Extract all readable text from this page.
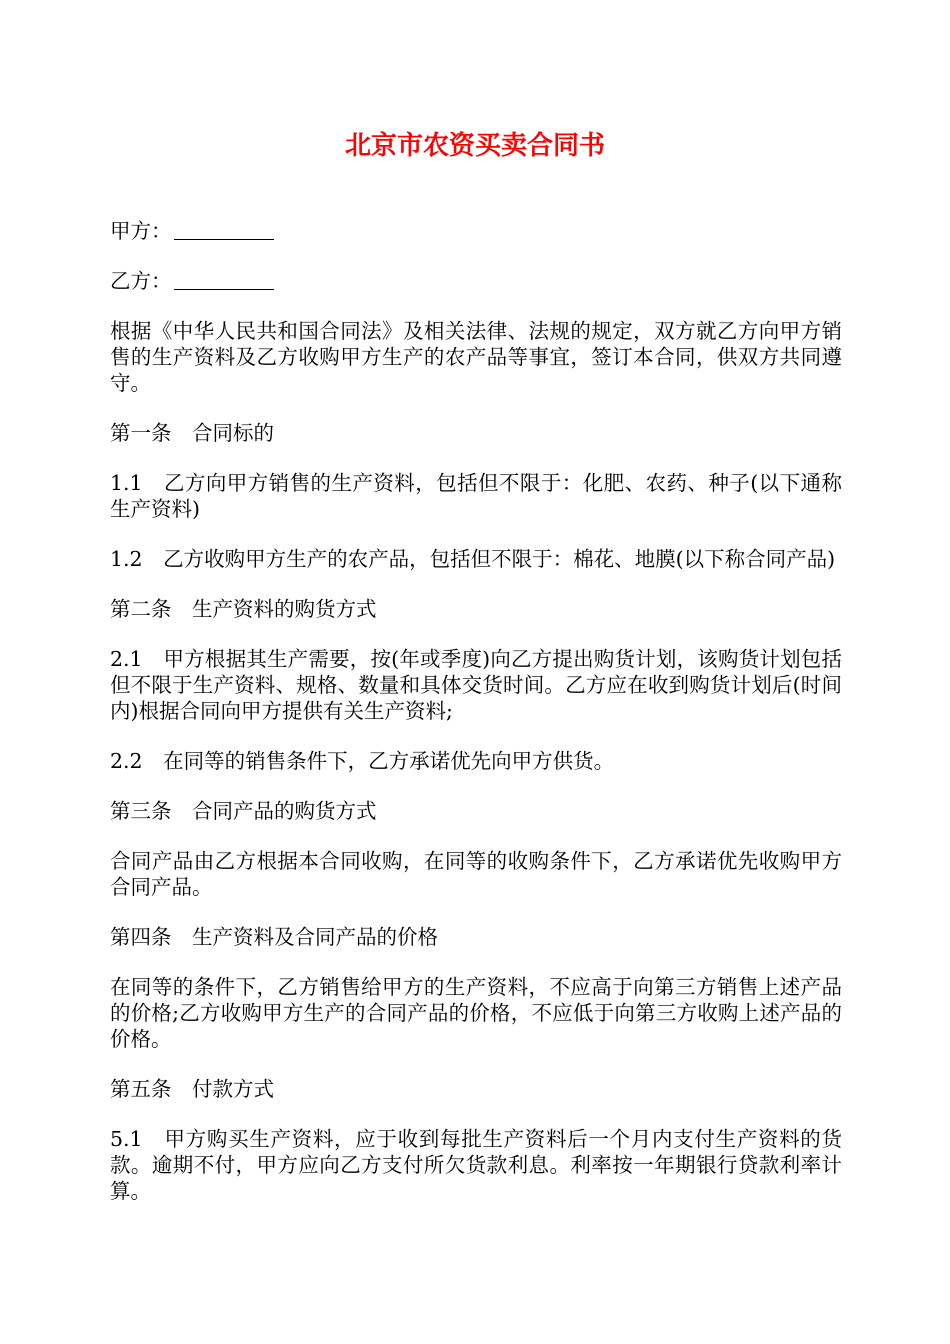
北京市农资买卖合同书

甲方：

乙方：

根据《中华人民共和国合同法》及相关法律、法规的规定，双方就乙方向甲方销售的生产资料及乙方收购甲方生产的农产品等事宜，签订本合同，供双方共同遵守。

第一条　合同标的

1.1　乙方向甲方销售的生产资料，包括但不限于：化肥、农药、种子(以下通称生产资料)

1.2　乙方收购甲方生产的农产品，包括但不限于：棉花、地膜(以下称合同产品)

第二条　生产资料的购货方式

2.1　甲方根据其生产需要，按(年或季度)向乙方提出购货计划，该购货计划包括但不限于生产资料、规格、数量和具体交货时间。乙方应在收到购货计划后(时间内)根据合同向甲方提供有关生产资料;

2.2　在同等的销售条件下，乙方承诺优先向甲方供货。

第三条　合同产品的购货方式

合同产品由乙方根据本合同收购，在同等的收购条件下，乙方承诺优先收购甲方合同产品。

第四条　生产资料及合同产品的价格

在同等的条件下，乙方销售给甲方的生产资料，不应高于向第三方销售上述产品的价格;乙方收购甲方生产的合同产品的价格，不应低于向第三方收购上述产品的价格。

第五条　付款方式

5.1　甲方购买生产资料，应于收到每批生产资料后一个月内支付生产资料的货款。逾期不付，甲方应向乙方支付所欠货款利息。利率按一年期银行贷款利率计算。
